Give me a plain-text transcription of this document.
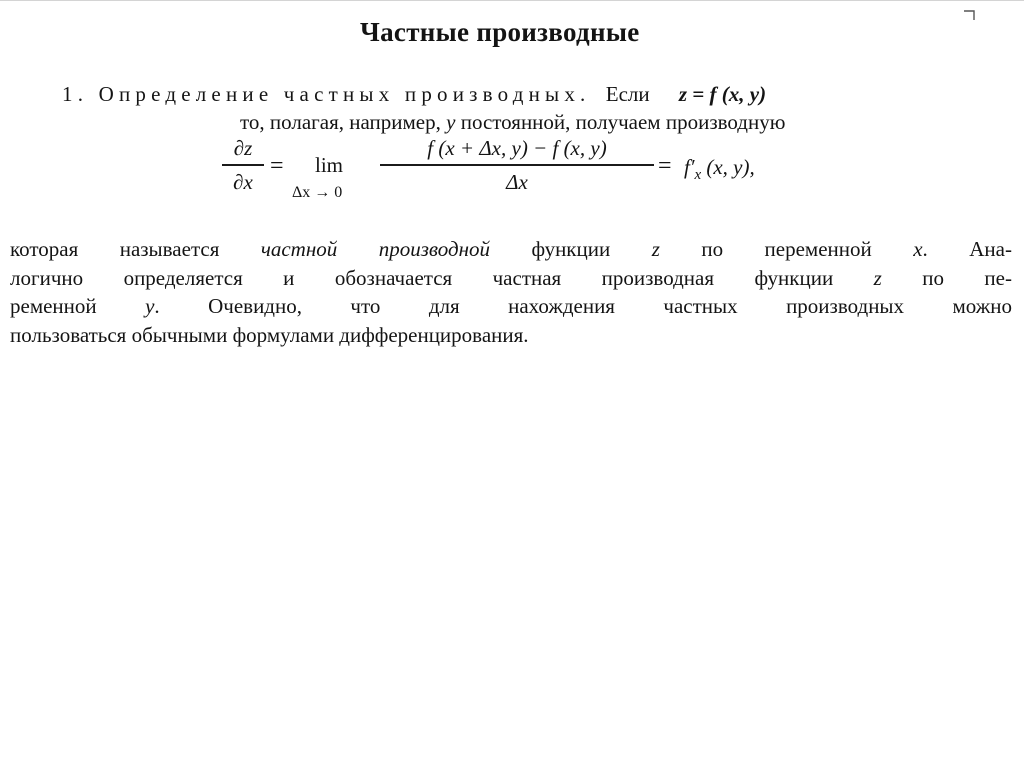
Частные производные
1. Определение частных производных. Если z = f (x, y)
то, полагая, например, y постоянной, получаем производную
∂z
∂x
= lim
Δx → 0
f (x + Δx, y) − f (x, y)
Δx
= $f'_x$ (x, y),
которая называется частной производной функции z по переменной x. Ана-
логично определяется и обозначается частная производная функции z по пе-
ременной y. Очевидно, что для нахождения частных производных можно
пользоваться обычными формулами дифференцирования.
